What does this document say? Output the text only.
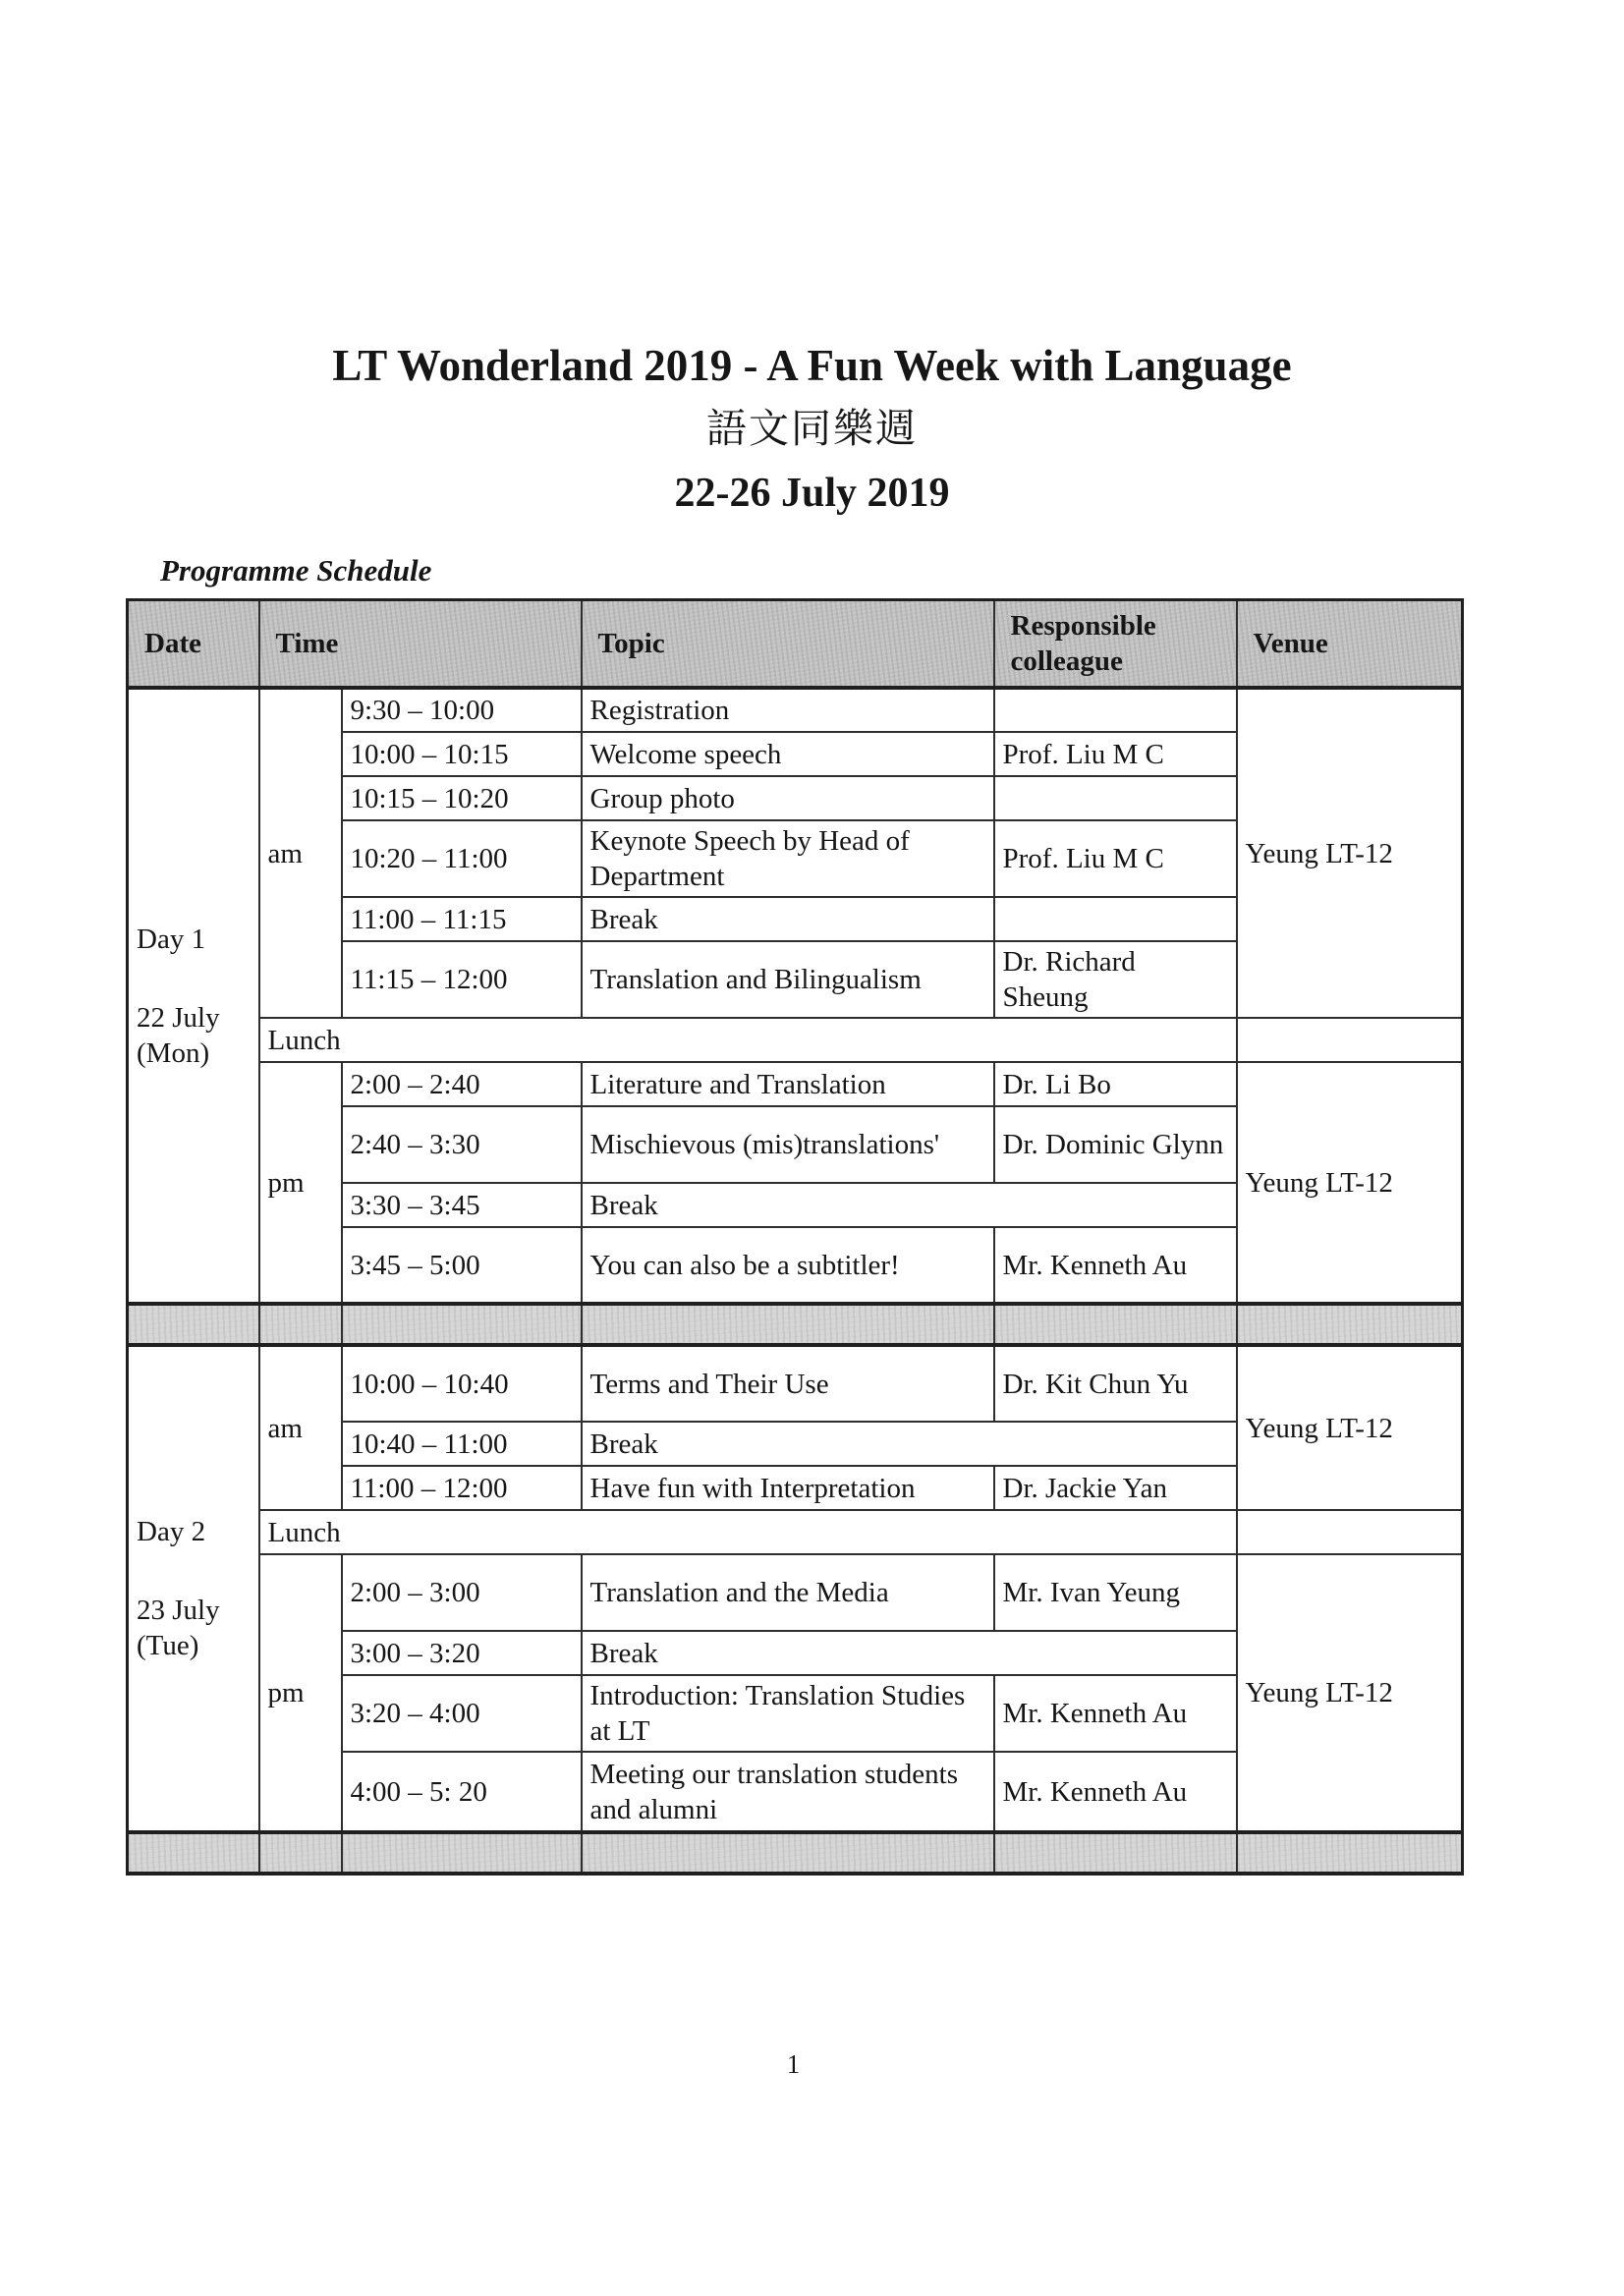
LT Wonderland 2019 - A Fun Week with Language
語文同樂週
22-26 July 2019
Programme Schedule
Date	Time		Topic	Responsible colleague	Venue

Day 1
22 July
(Mon)	am	9:30 – 10:00	Registration		Yeung LT-12
		10:00 – 10:15	Welcome speech	Prof. Liu M C	
		10:15 – 10:20	Group photo		
		10:20 – 11:00	Keynote Speech by Head of Department	Prof. Liu M C	
		11:00 – 11:15	Break		
		11:15 – 12:00	Translation and Bilingualism	Dr. Richard Sheung	
	Lunch				
	pm	2:00 – 2:40	Literature and Translation	Dr. Li Bo	Yeung LT-12
		2:40 – 3:30	Mischievous (mis)translations'	Dr. Dominic Glynn	
		3:30 – 3:45	Break		
		3:45 – 5:00	You can also be a subtitler!	Mr. Kenneth Au	

Day 2
23 July
(Tue)	am	10:00 – 10:40	Terms and Their Use	Dr. Kit Chun Yu	Yeung LT-12
		10:40 – 11:00	Break		
		11:00 – 12:00	Have fun with Interpretation	Dr. Jackie Yan	
	Lunch				
	pm	2:00 – 3:00	Translation and the Media	Mr. Ivan Yeung	Yeung LT-12
		3:00 – 3:20	Break		
		3:20 – 4:00	Introduction: Translation Studies at LT	Mr. Kenneth Au	
		4:00 – 5: 20	Meeting our translation students and alumni	Mr. Kenneth Au	

1
